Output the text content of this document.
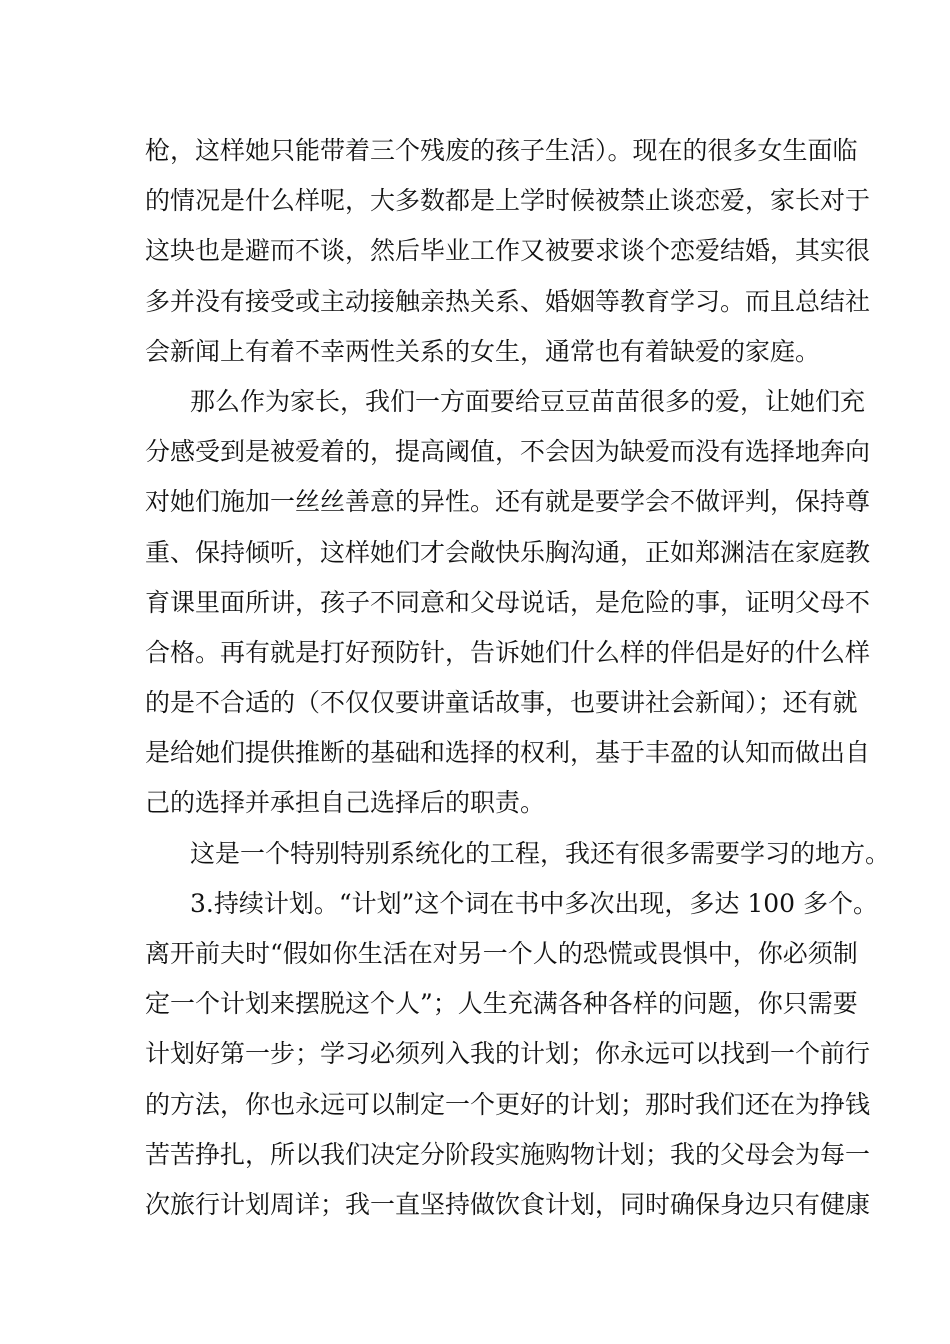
枪，这样她只能带着三个残废的孩子生活）。现在的很多女生面临
的情况是什么样呢，大多数都是上学时候被禁止谈恋爱，家长对于
这块也是避而不谈，然后毕业工作又被要求谈个恋爱结婚，其实很
多并没有接受或主动接触亲热关系、婚姻等教育学习。而且总结社
会新闻上有着不幸两性关系的女生，通常也有着缺爱的家庭。
那么作为家长，我们一方面要给豆豆苗苗很多的爱，让她们充
分感受到是被爱着的，提高阈值，不会因为缺爱而没有选择地奔向
对她们施加一丝丝善意的异性。还有就是要学会不做评判，保持尊
重、保持倾听，这样她们才会敞快乐胸沟通，正如郑渊洁在家庭教
育课里面所讲，孩子不同意和父母说话，是危险的事，证明父母不
合格。再有就是打好预防针，告诉她们什么样的伴侣是好的什么样
的是不合适的（不仅仅要讲童话故事，也要讲社会新闻）；还有就
是给她们提供推断的基础和选择的权利，基于丰盈的认知而做出自
己的选择并承担自己选择后的职责。
这是一个特别特别系统化的工程，我还有很多需要学习的地方。
3.持续计划。“计划”这个词在书中多次出现，多达 100 多个。
离开前夫时“假如你生活在对另一个人的恐慌或畏惧中，你必须制
定一个计划来摆脱这个人”；人生充满各种各样的问题，你只需要
计划好第一步；学习必须列入我的计划；你永远可以找到一个前行
的方法，你也永远可以制定一个更好的计划；那时我们还在为挣钱
苦苦挣扎，所以我们决定分阶段实施购物计划；我的父母会为每一
次旅行计划周详；我一直坚持做饮食计划，同时确保身边只有健康
